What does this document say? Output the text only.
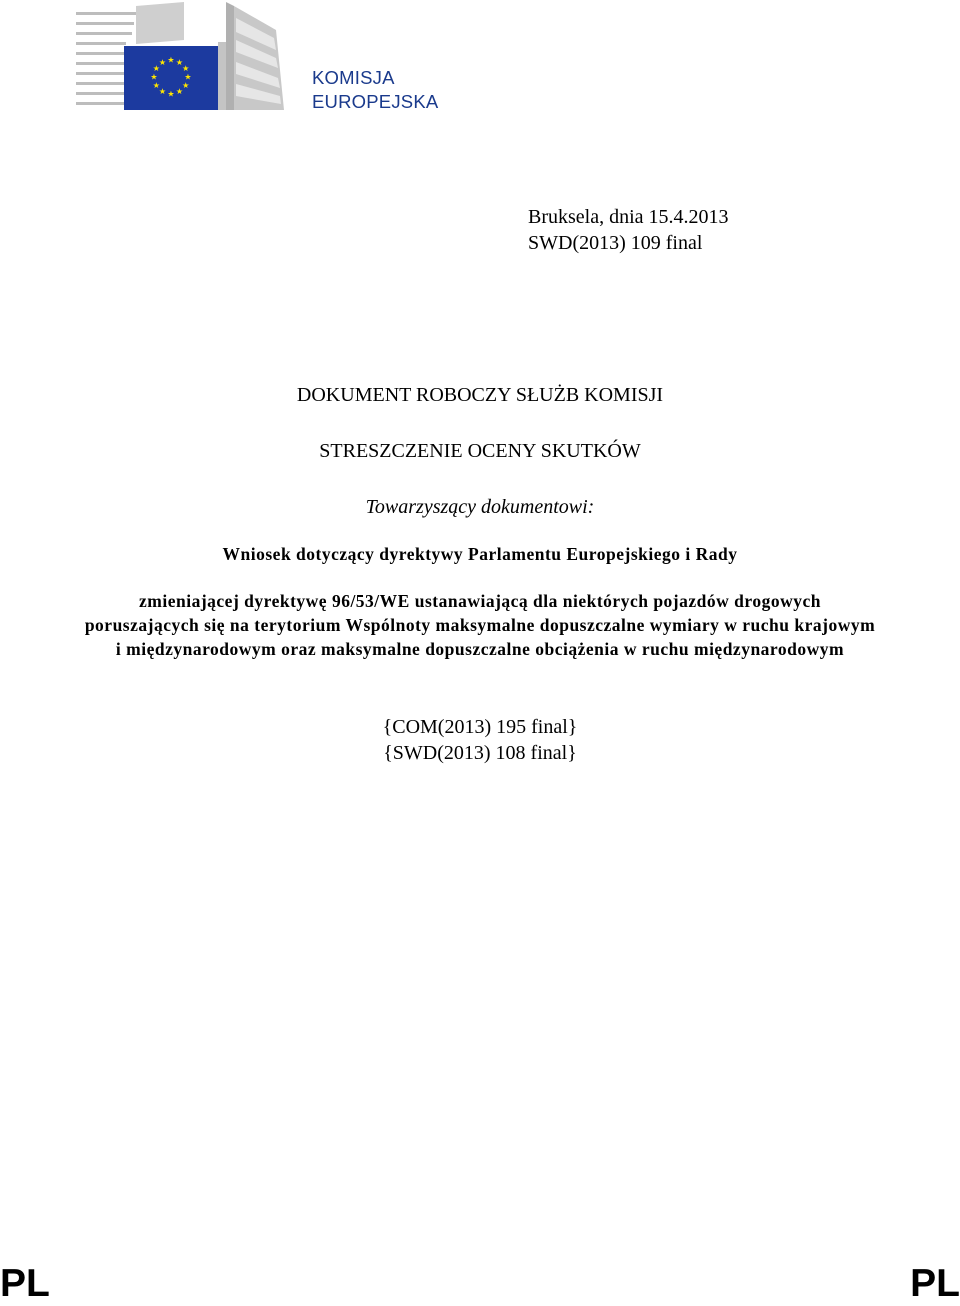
★ ★
★
★
★
★
★
★
★
★
★
★
KOMISJA
EUROPEJSKA
Bruksela, dnia 15.4.2013
SWD(2013) 109 final
DOKUMENT ROBOCZY SŁUŻB KOMISJI
STRESZCZENIE OCENY SKUTKÓW
Towarzyszący dokumentowi:
Wniosek dotyczący dyrektywy Parlamentu Europejskiego i Rady
zmieniającej dyrektywę 96/53/WE ustanawiającą dla niektórych pojazdów drogowych poruszających się na terytorium Wspólnoty maksymalne dopuszczalne wymiary w ruchu krajowym i międzynarodowym oraz maksymalne dopuszczalne obciążenia w ruchu międzynarodowym
{COM(2013) 195 final}
{SWD(2013) 108 final}
PL	PL
